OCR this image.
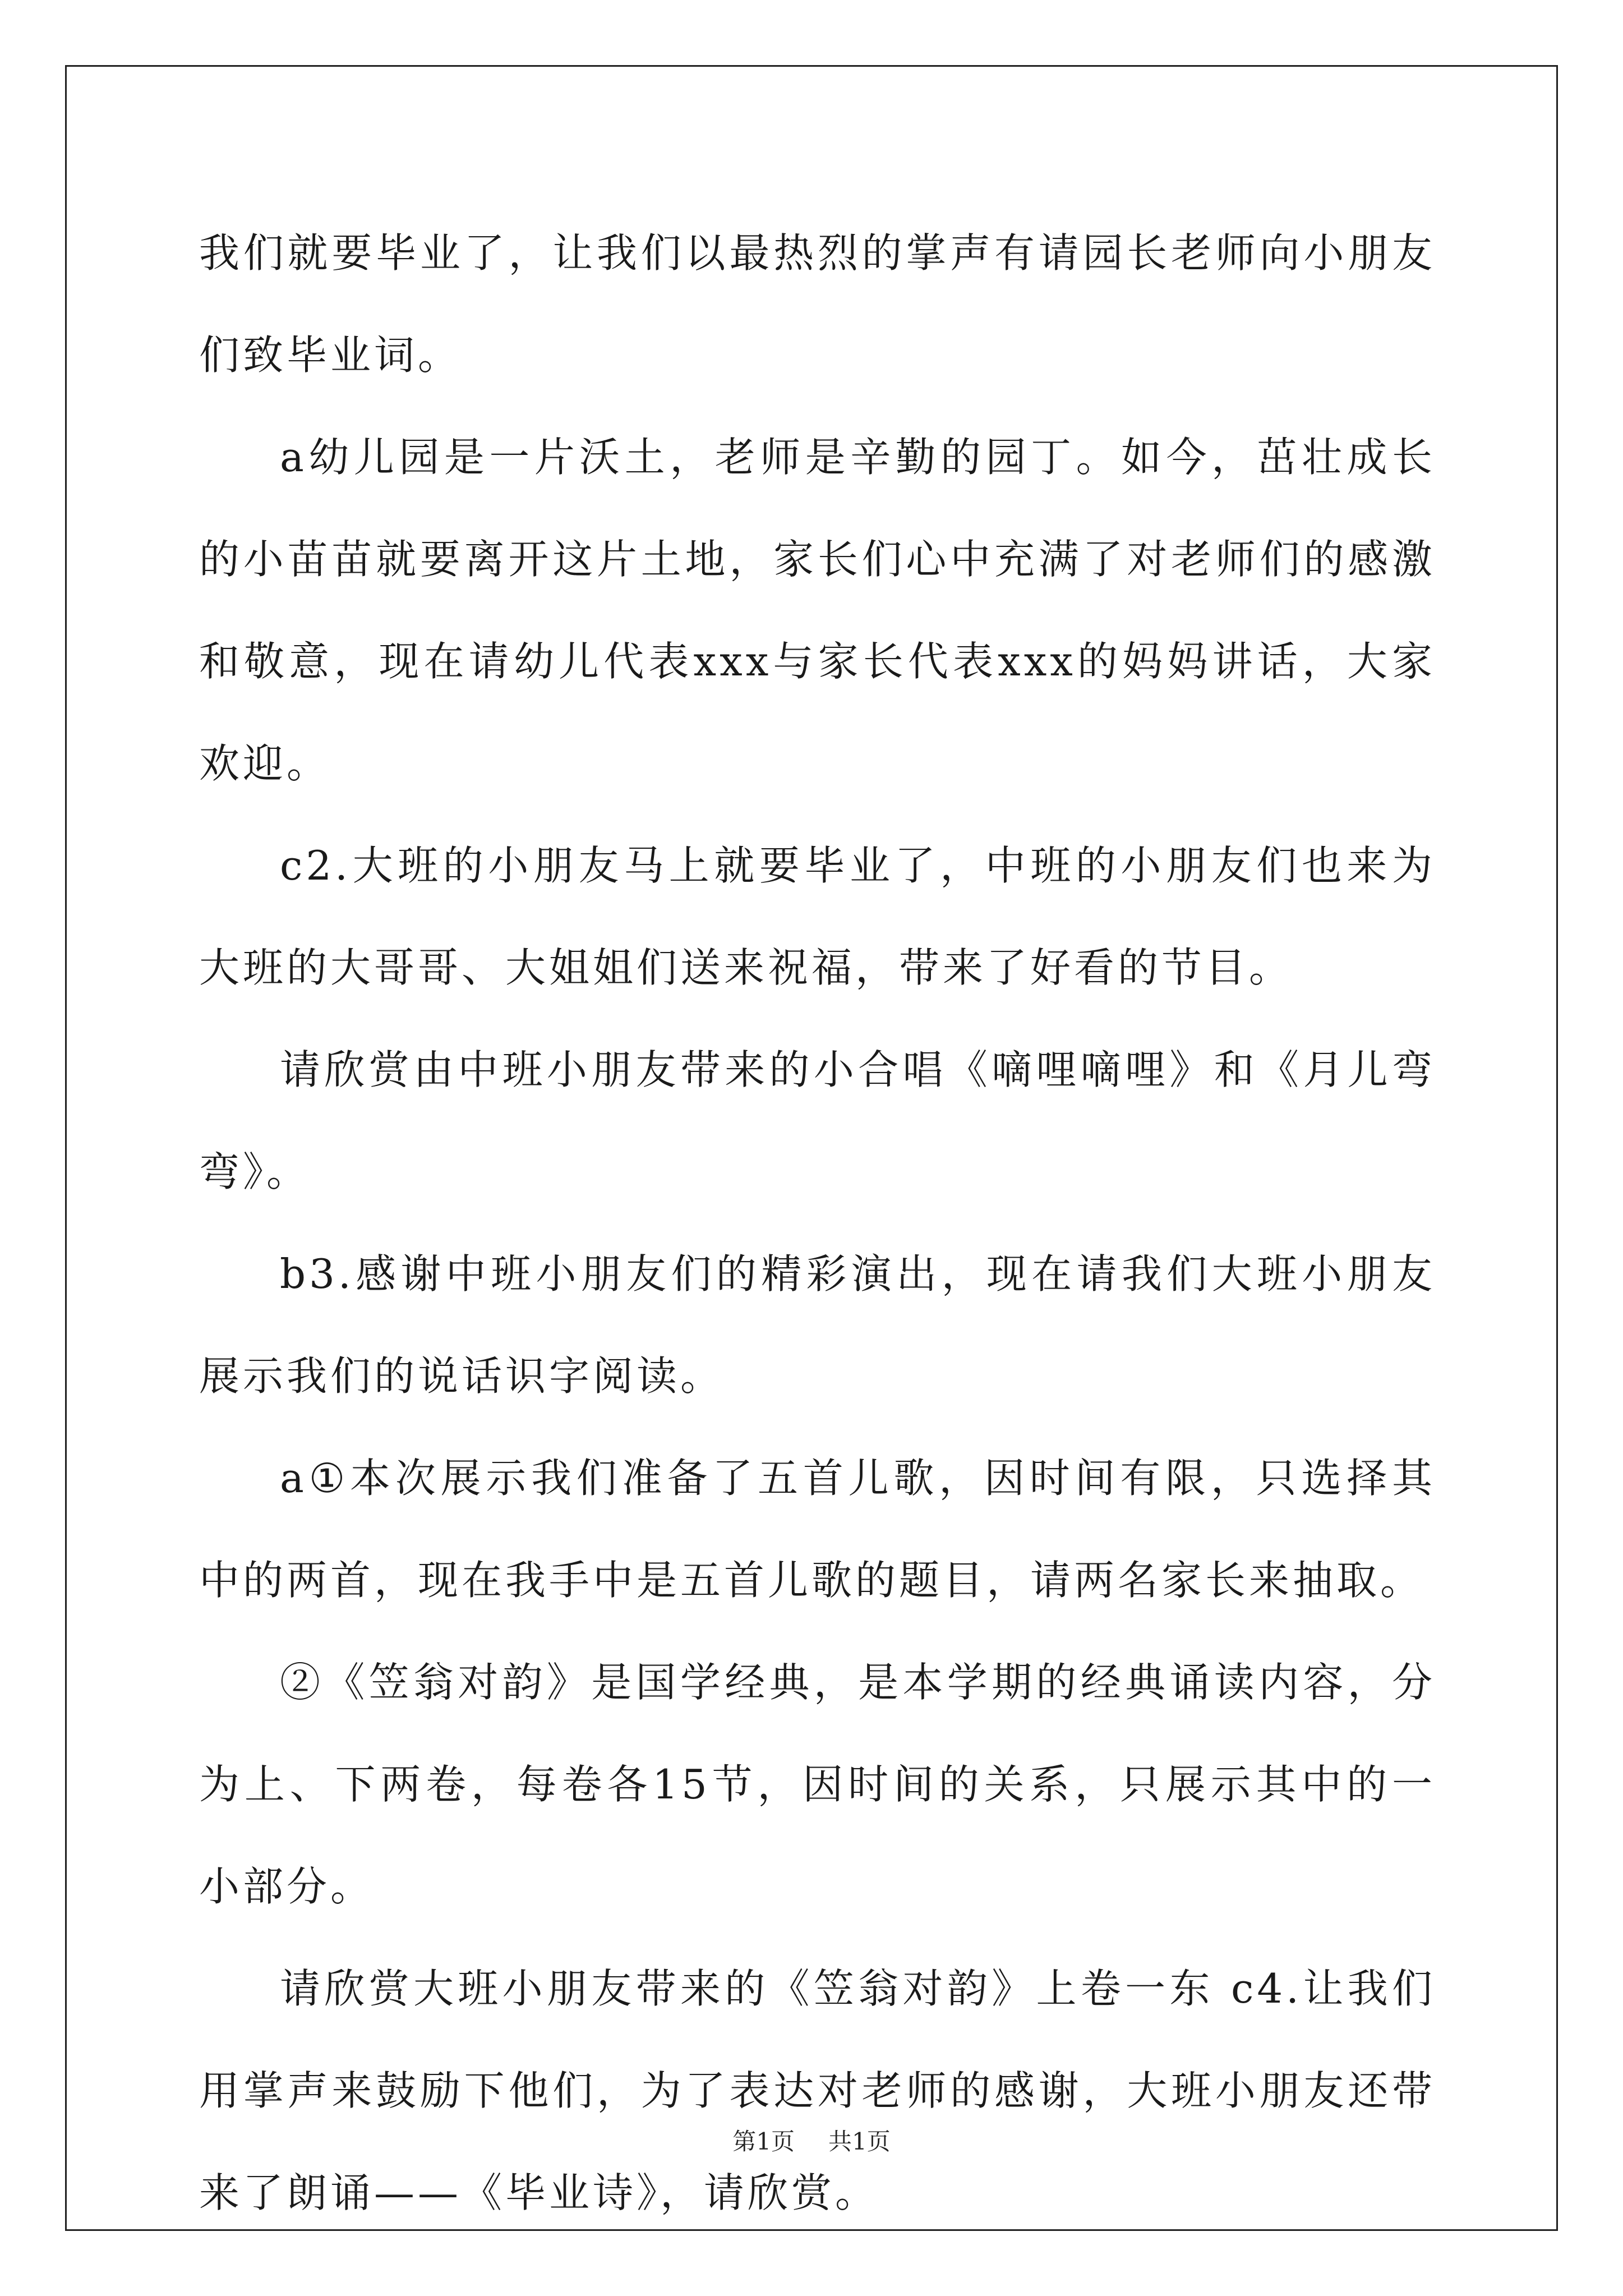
我们就要毕业了，让我们以最热烈的掌声有请园长老师向小朋友们致毕业词。

a幼儿园是一片沃土，老师是辛勤的园丁。如今，茁壮成长的小苗苗就要离开这片土地，家长们心中充满了对老师们的感激和敬意，现在请幼儿代表xxx与家长代表xxx的妈妈讲话，大家欢迎。

c2.大班的小朋友马上就要毕业了，中班的小朋友们也来为大班的大哥哥、大姐姐们送来祝福，带来了好看的节目。

请欣赏由中班小朋友带来的小合唱《嘀哩嘀哩》和《月儿弯弯》。

b3.感谢中班小朋友们的精彩演出，现在请我们大班小朋友展示我们的说话识字阅读。

a①本次展示我们准备了五首儿歌，因时间有限，只选择其中的两首，现在我手中是五首儿歌的题目，请两名家长来抽取。

②《笠翁对韵》是国学经典，是本学期的经典诵读内容，分为上、下两卷，每卷各15节，因时间的关系，只展示其中的一小部分。

请欣赏大班小朋友带来的《笠翁对韵》上卷一东 c4.让我们用掌声来鼓励下他们，为了表达对老师的感谢，大班小朋友还带来了朗诵——《毕业诗》，请欣赏。

第1页 共1页
